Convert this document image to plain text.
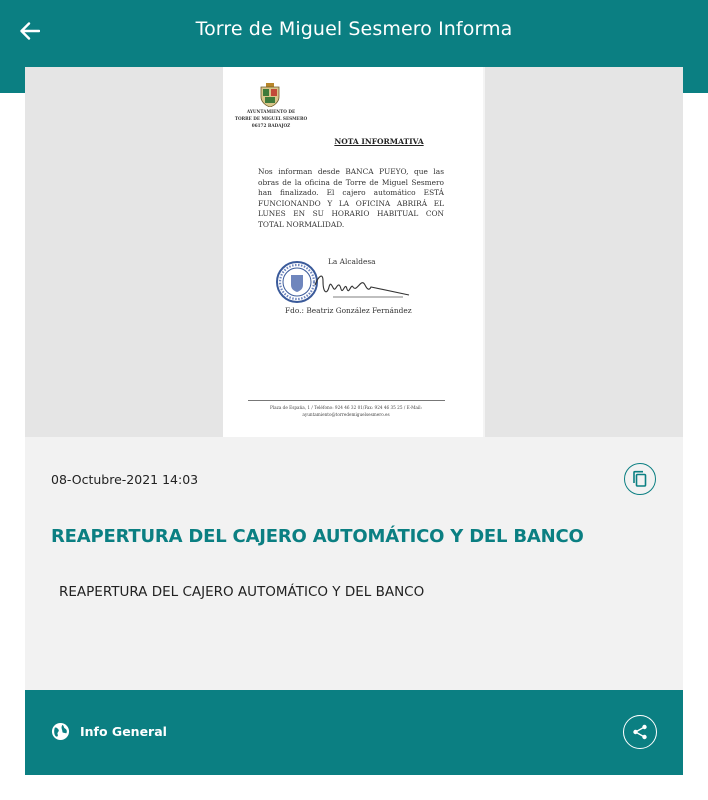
Torre de Miguel Sesmero Informa
AYUNTAMIENTO DE
TORRE DE MIGUEL SESMERO
06172 BADAJOZ
NOTA INFORMATIVA
Nos informan desde BANCA PUEYO, que las obras de la oficina de Torre de Miguel Sesmero han finalizado. El cajero automático ESTÁ FUNCIONANDO Y LA OFICINA ABRIRÁ EL LUNES EN SU HORARIO HABITUAL CON TOTAL NORMALIDAD.
La Alcaldesa
Fdo.: Beatriz González Fernández
Plaza de España, 1 / Teléfono: 924 46 32 01/Fax: 924 46 35 25 / E-Mail: ayuntamiento@torredemiguelsesmero.es
08-Octubre-2021 14:03
REAPERTURA DEL CAJERO AUTOMÁTICO Y DEL BANCO
REAPERTURA DEL CAJERO AUTOMÁTICO Y DEL BANCO
Info General
